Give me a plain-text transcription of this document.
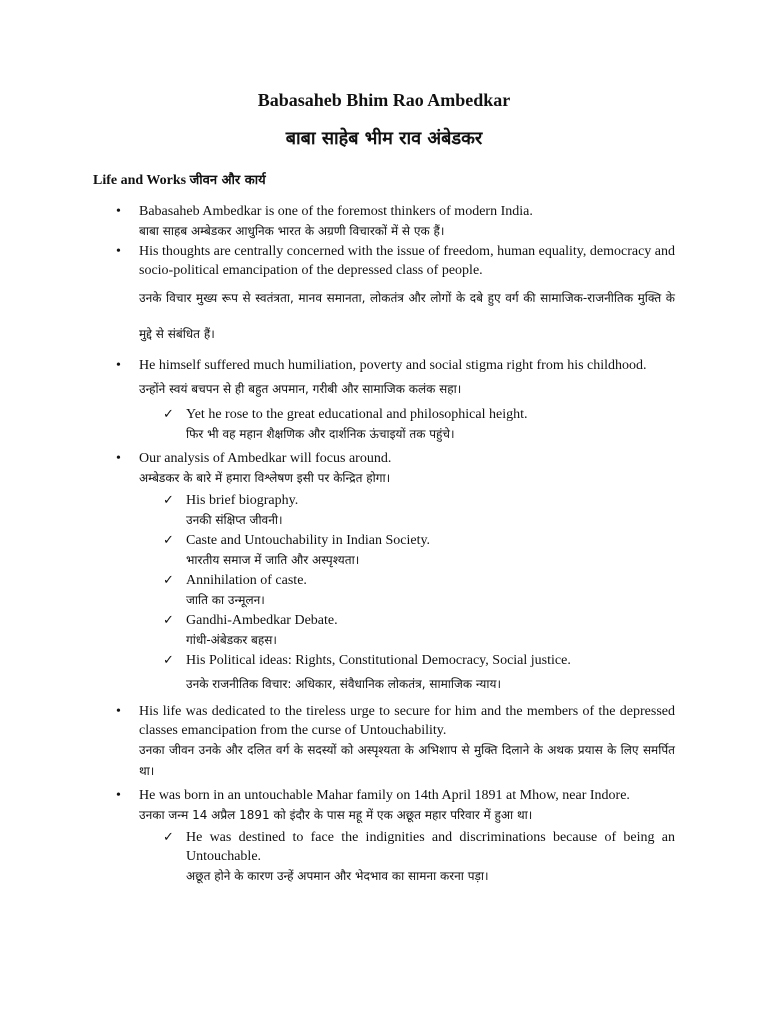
Babasaheb Bhim Rao Ambedkar
बाबा साहेब भीम राव अंबेडकर
Life and Works जीवन और कार्य
• Babasaheb Ambedkar is one of the foremost thinkers of modern India.
बाबा साहब अम्बेडकर आधुनिक भारत के अग्रणी विचारकों में से एक हैं।
• His thoughts are centrally concerned with the issue of freedom, human equality, democracy and socio-political emancipation of the depressed class of people.
उनके विचार मुख्य रूप से स्वतंत्रता, मानव समानता, लोकतंत्र और लोगों के दबे हुए वर्ग की सामाजिक-राजनीतिक मुक्ति के मुद्दे से संबंधित हैं।
• He himself suffered much humiliation, poverty and social stigma right from his childhood.
उन्होंने स्वयं बचपन से ही बहुत अपमान, गरीबी और सामाजिक कलंक सहा।
✓ Yet he rose to the great educational and philosophical height.
फिर भी वह महान शैक्षणिक और दार्शनिक ऊंचाइयों तक पहुंचे।
• Our analysis of Ambedkar will focus around.
अम्बेडकर के बारे में हमारा विश्लेषण इसी पर केन्द्रित होगा।
✓ His brief biography.
उनकी संक्षिप्त जीवनी।
✓ Caste and Untouchability in Indian Society.
भारतीय समाज में जाति और अस्पृश्यता।
✓ Annihilation of caste.
जाति का उन्मूलन।
✓ Gandhi-Ambedkar Debate.
गांधी-अंबेडकर बहस।
✓ His Political ideas: Rights, Constitutional Democracy, Social justice.
उनके राजनीतिक विचार: अधिकार, संवैधानिक लोकतंत्र, सामाजिक न्याय।
• His life was dedicated to the tireless urge to secure for him and the members of the depressed classes emancipation from the curse of Untouchability.
उनका जीवन उनके और दलित वर्ग के सदस्यों को अस्पृश्यता के अभिशाप से मुक्ति दिलाने के अथक प्रयास के लिए समर्पित था।
• He was born in an untouchable Mahar family on 14th April 1891 at Mhow, near Indore.
उनका जन्म 14 अप्रैल 1891 को इंदौर के पास महू में एक अछूत महार परिवार में हुआ था।
✓ He was destined to face the indignities and discriminations because of being an Untouchable.
अछूत होने के कारण उन्हें अपमान और भेदभाव का सामना करना पड़ा।
